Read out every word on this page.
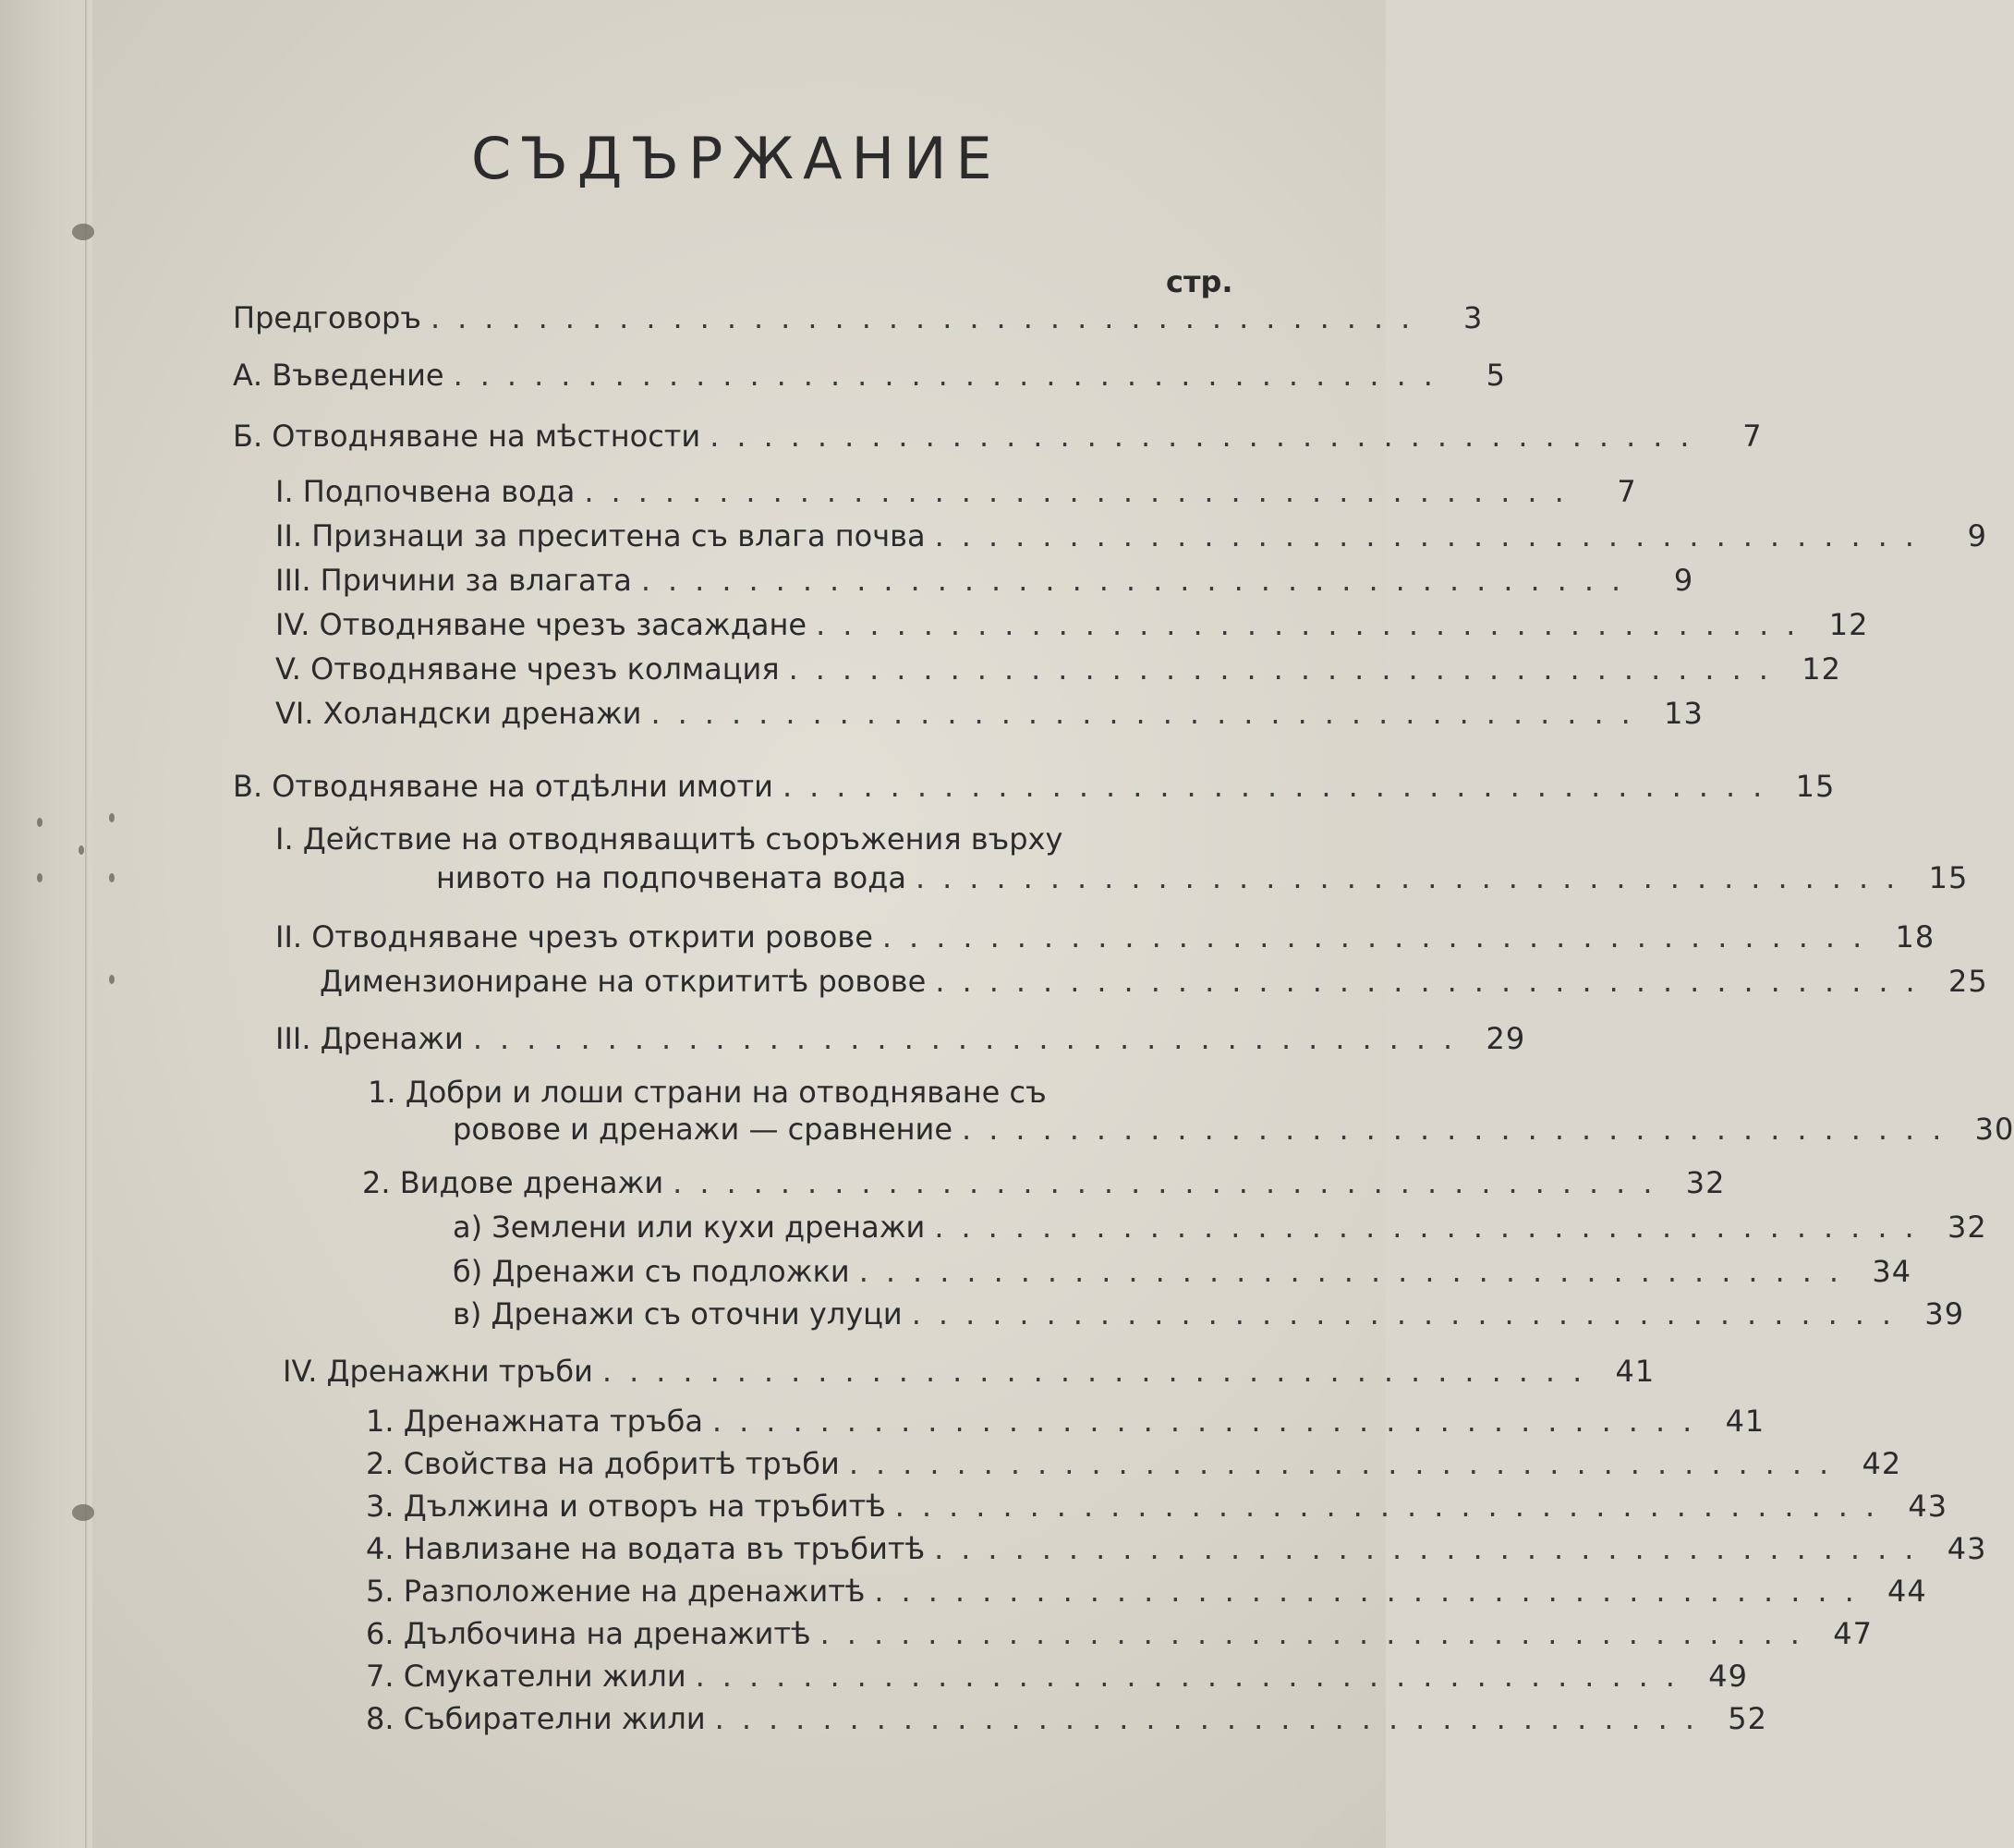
СЪДЪРЖАНИЕ
стр.
Предговоръ .....................................	3
А. Въведение .....................................	5
Б. Отводняване на мѣстности .....................................	7
I. Подпочвена вода .....................................	7
II. Признаци за преситена съ влага почва .....................................	9
III. Причини за влагата .....................................	9
IV. Отводняване чрезъ засаждане ..................................... 12
V. Отводняване чрезъ колмация ..................................... 12
VI. Холандски дренажи ..................................... 13
В. Отводняване на отдѣлни имоти ..................................... 15
I. Действие на отводняващитѣ съоръжения върху
нивото на подпочвената вода ..................................... 15
II. Отводняване чрезъ открити ровове ..................................... 18
Димензиониране на открититѣ ровове ..................................... 25
III. Дренажи ..................................... 29
1. Добри и лоши страни на отводняване съ
ровове и дренажи — сравнение ..................................... 30
2. Видове дренажи ..................................... 32
а) Землени или кухи дренажи ..................................... 32
б) Дренажи съ подложки ..................................... 34
в) Дренажи съ оточни улуци ..................................... 39
IV. Дренажни тръби ..................................... 41
1. Дренажната тръба ..................................... 41
2. Свойства на добритѣ тръби ..................................... 42
3. Дължина и отворъ на тръбитѣ ..................................... 43
4. Навлизане на водата въ тръбитѣ ..................................... 43
5. Разположение на дренажитѣ ..................................... 44
6. Дълбочина на дренажитѣ ..................................... 47
7. Смукателни жили ..................................... 49
8. Събирателни жили ..................................... 52
